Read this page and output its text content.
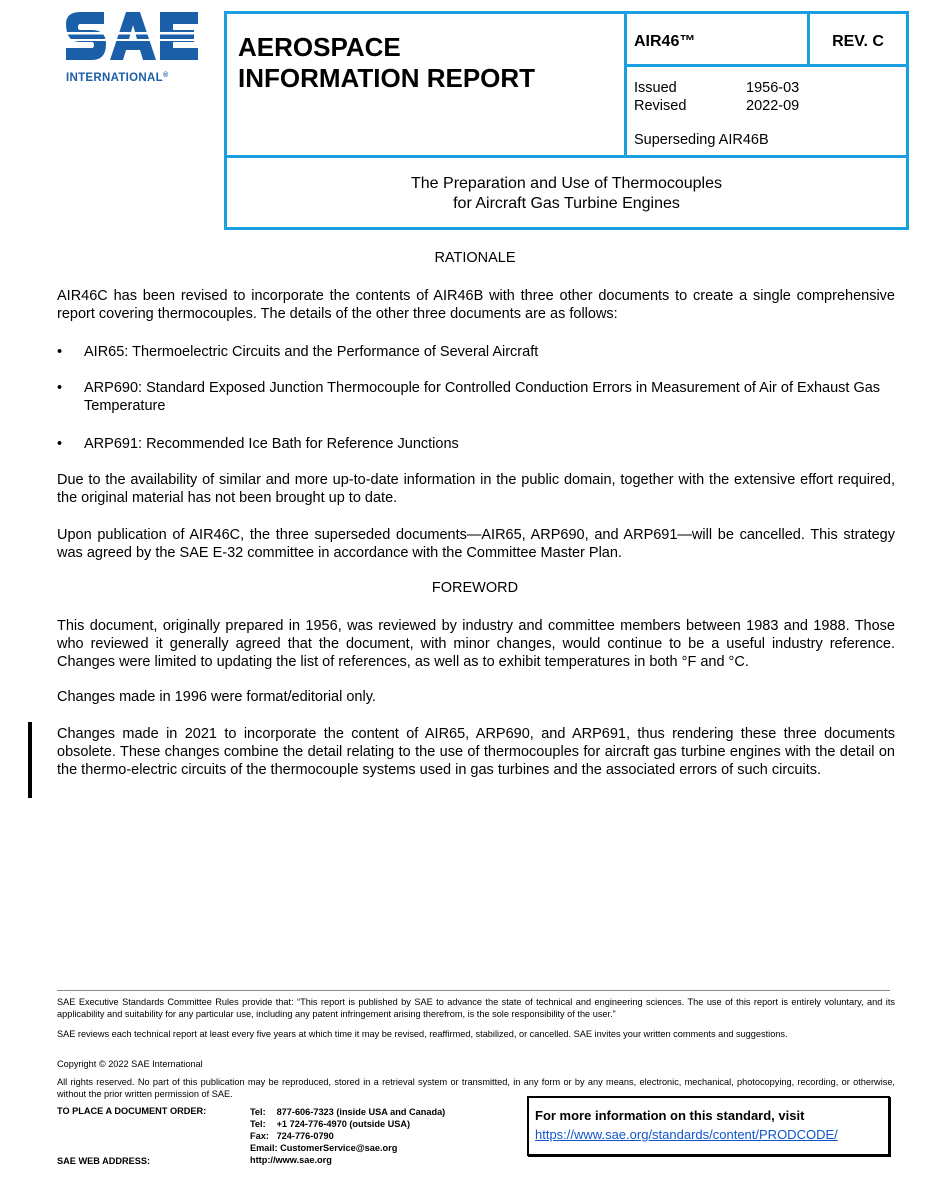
INTERNATIONAL®
AEROSPACE
INFORMATION REPORT
AIR46™	REV. C
Issued	1956-03
Revised	2022-09
Superseding AIR46B
The Preparation and Use of Thermocouples
for Aircraft Gas Turbine Engines
RATIONALE
AIR46C has been revised to incorporate the contents of AIR46B with three other documents to create a single comprehensive report covering thermocouples. The details of the other three documents are as follows:
• AIR65: Thermoelectric Circuits and the Performance of Several Aircraft
• ARP690: Standard Exposed Junction Thermocouple for Controlled Conduction Errors in Measurement of Air of Exhaust Gas Temperature
• ARP691: Recommended Ice Bath for Reference Junctions
Due to the availability of similar and more up-to-date information in the public domain, together with the extensive effort required, the original material has not been brought up to date.
Upon publication of AIR46C, the three superseded documents—AIR65, ARP690, and ARP691—will be cancelled. This strategy was agreed by the SAE E-32 committee in accordance with the Committee Master Plan.
FOREWORD
This document, originally prepared in 1956, was reviewed by industry and committee members between 1983 and 1988. Those who reviewed it generally agreed that the document, with minor changes, would continue to be a useful industry reference. Changes were limited to updating the list of references, as well as to exhibit temperatures in both °F and °C.
Changes made in 1996 were format/editorial only.
Changes made in 2021 to incorporate the content of AIR65, ARP690, and ARP691, thus rendering these three documents obsolete. These changes combine the detail relating to the use of thermocouples for aircraft gas turbine engines with the detail on the thermo-electric circuits of the thermocouple systems used in gas turbines and the associated errors of such circuits.
SAE Executive Standards Committee Rules provide that: “This report is published by SAE to advance the state of technical and engineering sciences. The use of this report is entirely voluntary, and its applicability and suitability for any particular use, including any patent infringement arising therefrom, is the sole responsibility of the user.”
SAE reviews each technical report at least every five years at which time it may be revised, reaffirmed, stabilized, or cancelled. SAE invites your written comments and suggestions.
Copyright © 2022 SAE International
All rights reserved. No part of this publication may be reproduced, stored in a retrieval system or transmitted, in any form or by any means, electronic, mechanical, photocopying, recording, or otherwise, without the prior written permission of SAE.
TO PLACE A DOCUMENT ORDER:
SAE WEB ADDRESS:
Tel: 877-606-7323 (inside USA and Canada)
Tel: +1 724-776-4970 (outside USA)
Fax: 724-776-0790
Email: CustomerService@sae.org
http://www.sae.org
For more information on this standard, visit
https://www.sae.org/standards/content/PRODCODE/
